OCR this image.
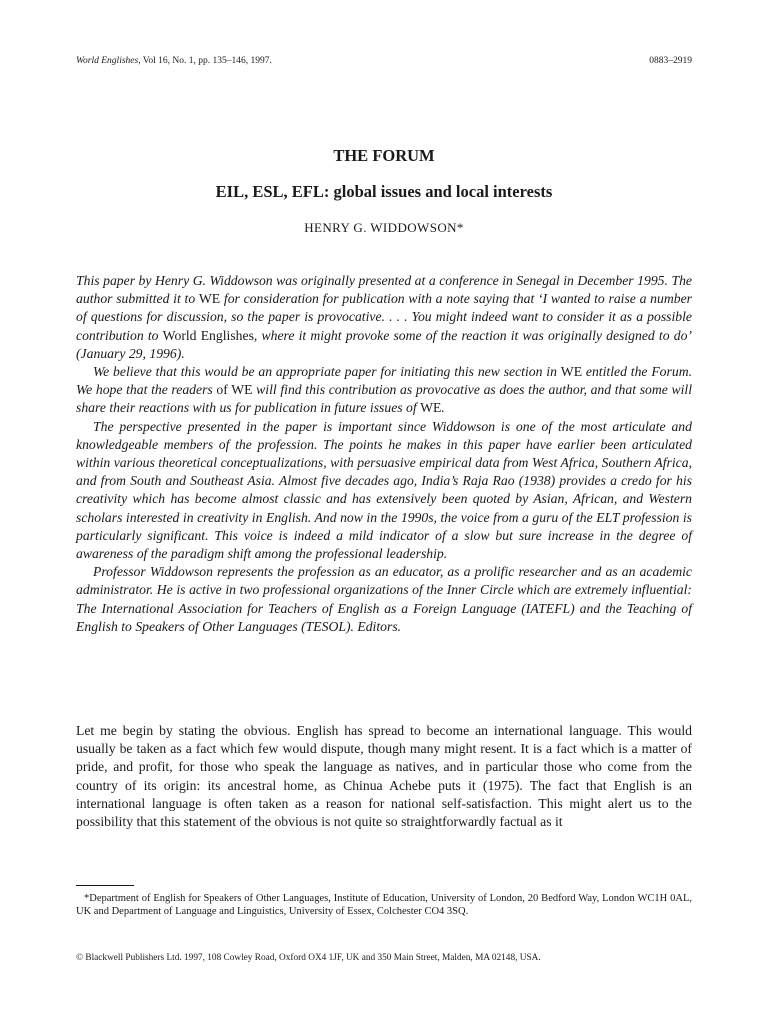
World Englishes, Vol 16, No. 1, pp. 135–146, 1997.	0883–2919
THE FORUM
EIL, ESL, EFL: global issues and local interests
HENRY G. WIDDOWSON*

This paper by Henry G. Widdowson was originally presented at a conference in Senegal in December 1995. The author submitted it to WE for consideration for publication with a note saying that ‘I wanted to raise a number of questions for discussion, so the paper is provocative. . . . You might indeed want to consider it as a possible contribution to World Englishes, where it might provoke some of the reaction it was originally designed to do’ (January 29, 1996).

We believe that this would be an appropriate paper for initiating this new section in WE entitled the Forum. We hope that the readers of WE will find this contribution as provocative as does the author, and that some will share their reactions with us for publication in future issues of WE.

The perspective presented in the paper is important since Widdowson is one of the most articulate and knowledgeable members of the profession. The points he makes in this paper have earlier been articulated within various theoretical conceptualizations, with persuasive empirical data from West Africa, Southern Africa, and from South and Southeast Asia. Almost five decades ago, India’s Raja Rao (1938) provides a credo for his creativity which has become almost classic and has extensively been quoted by Asian, African, and Western scholars interested in creativity in English. And now in the 1990s, the voice from a guru of the ELT profession is particularly significant. This voice is indeed a mild indicator of a slow but sure increase in the degree of awareness of the paradigm shift among the professional leadership.

Professor Widdowson represents the profession as an educator, as a prolific researcher and as an academic administrator. He is active in two professional organizations of the Inner Circle which are extremely influential: The International Association for Teachers of English as a Foreign Language (IATEFL) and the Teaching of English to Speakers of Other Languages (TESOL). Editors.

Let me begin by stating the obvious. English has spread to become an international language. This would usually be taken as a fact which few would dispute, though many might resent. It is a fact which is a matter of pride, and profit, for those who speak the language as natives, and in particular those who come from the country of its origin: its ancestral home, as Chinua Achebe puts it (1975). The fact that English is an international language is often taken as a reason for national self-satisfaction. This might alert us to the possibility that this statement of the obvious is not quite so straightforwardly factual as it

*Department of English for Speakers of Other Languages, Institute of Education, University of London, 20 Bedford Way, London WC1H 0AL, UK and Department of Language and Linguistics, University of Essex, Colchester CO4 3SQ.

© Blackwell Publishers Ltd. 1997, 108 Cowley Road, Oxford OX4 1JF, UK and 350 Main Street, Malden, MA 02148, USA.
